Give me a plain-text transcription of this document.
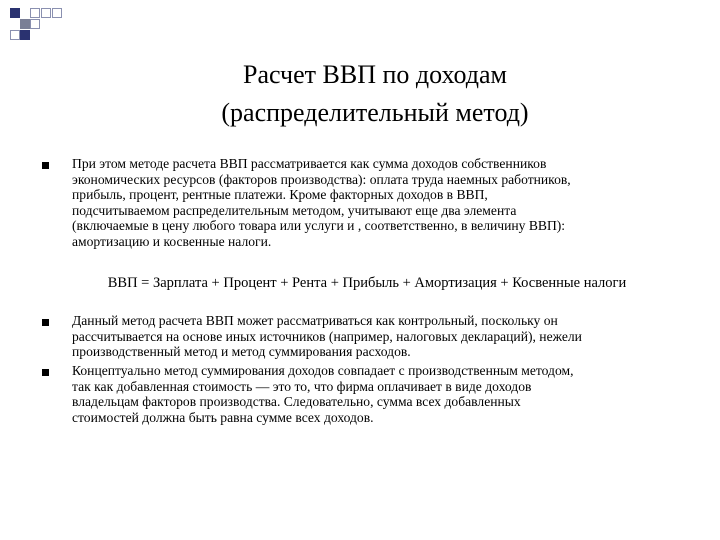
Расчет ВВП по доходам
(распределительный метод)
При этом методе расчета ВВП рассматривается как сумма доходов собственников
экономических ресурсов (факторов производства): оплата труда наемных работников,
прибыль, процент, рентные платежи. Кроме факторных доходов в ВВП,
подсчитываемом распределительным методом, учитывают еще два элемента
(включаемые в цену любого товара или услуги и , соответственно, в величину ВВП):
амортизацию и косвенные налоги.
ВВП = Зарплата + Процент + Рента + Прибыль + Амортизация + Косвенные налоги
Данный метод расчета ВВП может рассматриваться как контрольный, поскольку он
рассчитывается на основе иных источников (например, налоговых деклараций), нежели
производственный метод и метод суммирования расходов.
Концептуально метод суммирования доходов совпадает с производственным методом,
так как добавленная стоимость — это то, что фирма оплачивает в виде доходов
владельцам факторов производства. Следовательно, сумма всех добавленных
стоимостей должна быть равна сумме всех доходов.
